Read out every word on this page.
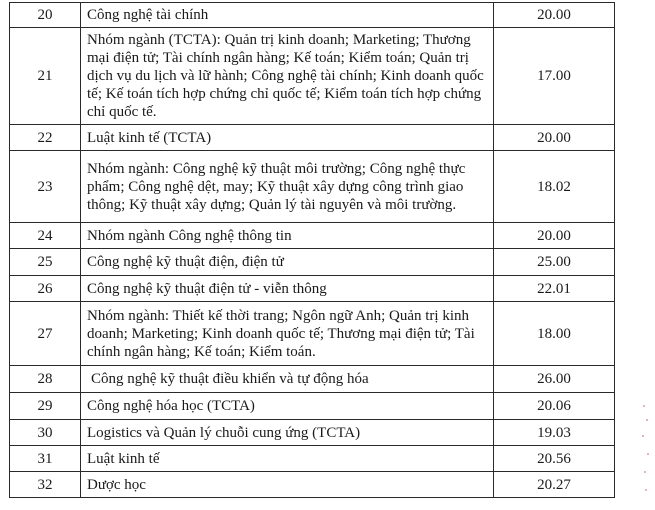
20	Công nghệ tài chính	20.00
21	Nhóm ngành (TCTA): Quản trị kinh doanh; Marketing; Thương mại điện tử; Tài chính ngân hàng; Kế toán; Kiểm toán; Quản trị dịch vụ du lịch và lữ hành; Công nghệ tài chính; Kinh doanh quốc tế; Kế toán tích hợp chứng chỉ quốc tế; Kiểm toán tích hợp chứng chỉ quốc tế.	17.00
22	Luật kinh tế (TCTA)	20.00
23	Nhóm ngành: Công nghệ kỹ thuật môi trường; Công nghệ thực phẩm; Công nghệ dệt, may; Kỹ thuật xây dựng công trình giao thông; Kỹ thuật xây dựng; Quản lý tài nguyên và môi trường.	18.02
24	Nhóm ngành Công nghệ thông tin	20.00
25	Công nghệ kỹ thuật điện, điện tử	25.00
26	Công nghệ kỹ thuật điện tử - viễn thông	22.01
27	Nhóm ngành: Thiết kế thời trang; Ngôn ngữ Anh; Quản trị kinh doanh; Marketing; Kinh doanh quốc tế; Thương mại điện tử; Tài chính ngân hàng; Kế toán; Kiểm toán.	18.00
28	Công nghệ kỹ thuật điều khiển và tự động hóa	26.00
29	Công nghệ hóa học (TCTA)	20.06
30	Logistics và Quản lý chuỗi cung ứng (TCTA)	19.03
31	Luật kinh tế	20.56
32	Dược học	20.27
